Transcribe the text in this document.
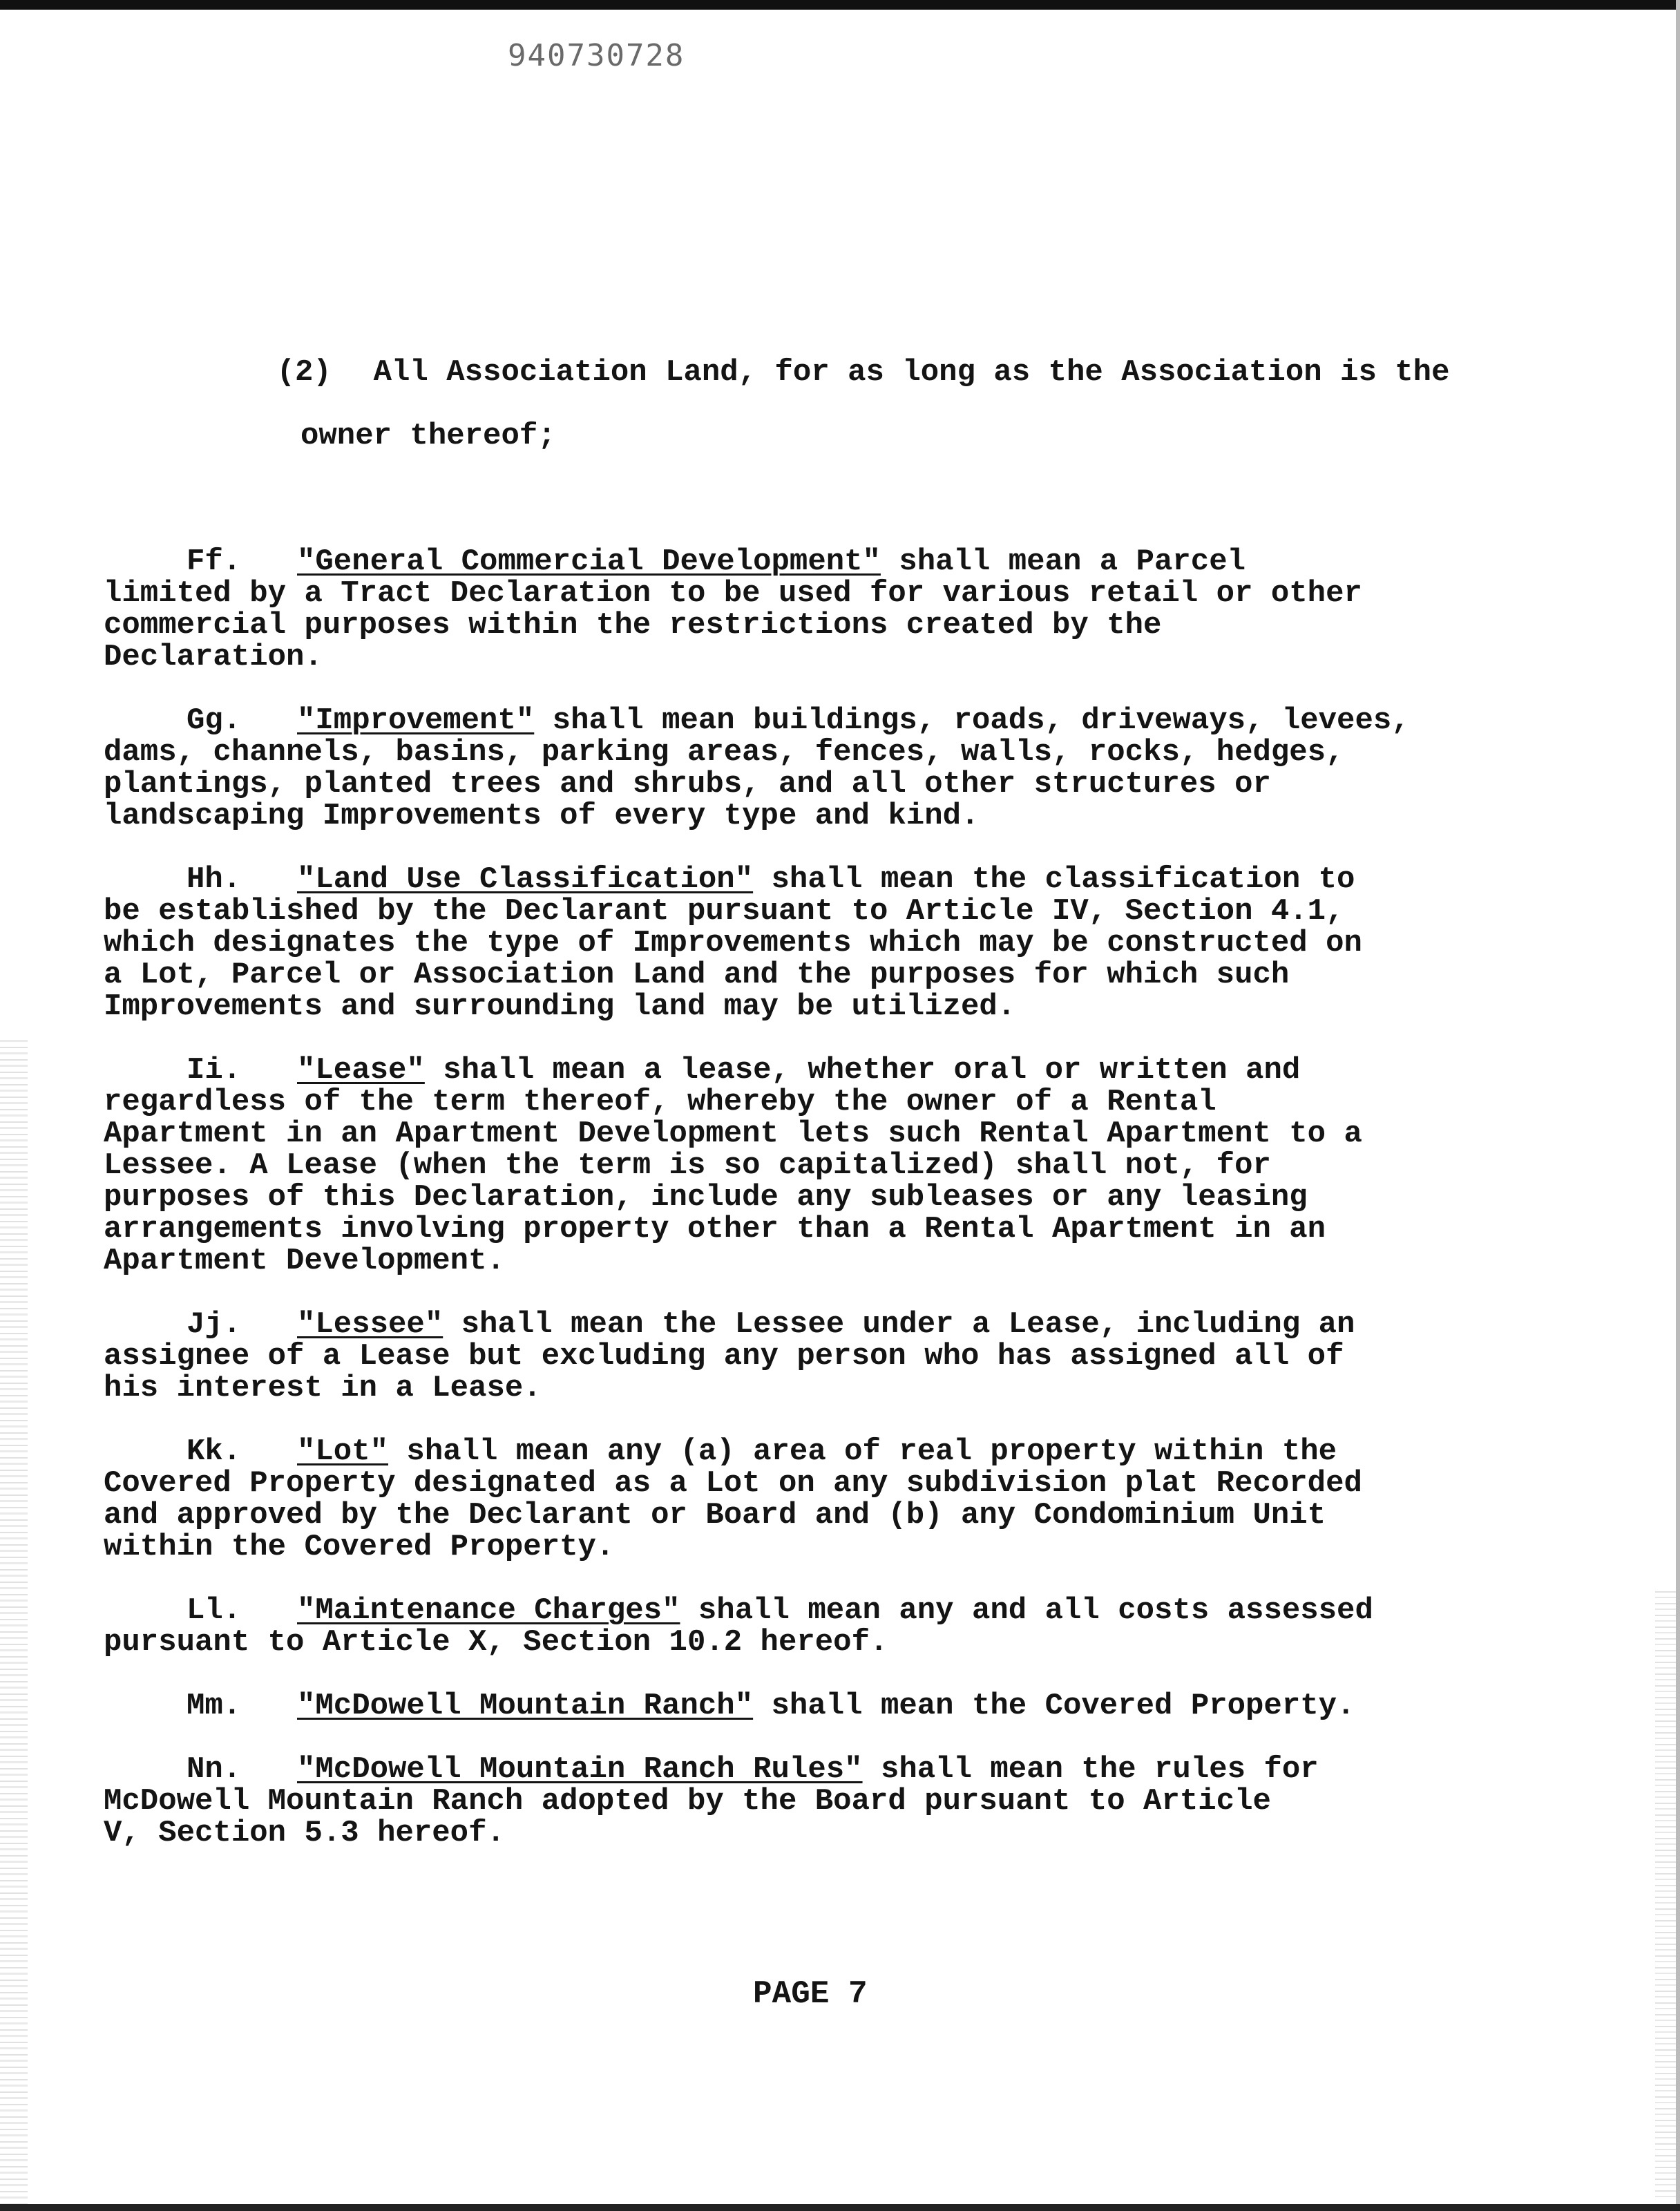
940730728

(2) All Association Land, for as long as the Association is the

owner thereof;

Ff. "General Commercial Development" shall mean a Parcel
limited by a Tract Declaration to be used for various retail or other
commercial purposes within the restrictions created by the
Declaration.
Gg. "Improvement" shall mean buildings, roads, driveways, levees,
dams, channels, basins, parking areas, fences, walls, rocks, hedges,
plantings, planted trees and shrubs, and all other structures or
landscaping Improvements of every type and kind.
Hh. "Land Use Classification" shall mean the classification to
be established by the Declarant pursuant to Article IV, Section 4.1,
which designates the type of Improvements which may be constructed on
a Lot, Parcel or Association Land and the purposes for which such
Improvements and surrounding land may be utilized.
Ii. "Lease" shall mean a lease, whether oral or written and
regardless of the term thereof, whereby the owner of a Rental
Apartment in an Apartment Development lets such Rental Apartment to a
Lessee. A Lease (when the term is so capitalized) shall not, for
purposes of this Declaration, include any subleases or any leasing
arrangements involving property other than a Rental Apartment in an
Apartment Development.
Jj. "Lessee" shall mean the Lessee under a Lease, including an
assignee of a Lease but excluding any person who has assigned all of
his interest in a Lease.
Kk. "Lot" shall mean any (a) area of real property within the
Covered Property designated as a Lot on any subdivision plat Recorded
and approved by the Declarant or Board and (b) any Condominium Unit
within the Covered Property.
Ll. "Maintenance Charges" shall mean any and all costs assessed
pursuant to Article X, Section 10.2 hereof.
Mm. "McDowell Mountain Ranch" shall mean the Covered Property.
Nn. "McDowell Mountain Ranch Rules" shall mean the rules for
McDowell Mountain Ranch adopted by the Board pursuant to Article
V, Section 5.3 hereof.
PAGE 7
